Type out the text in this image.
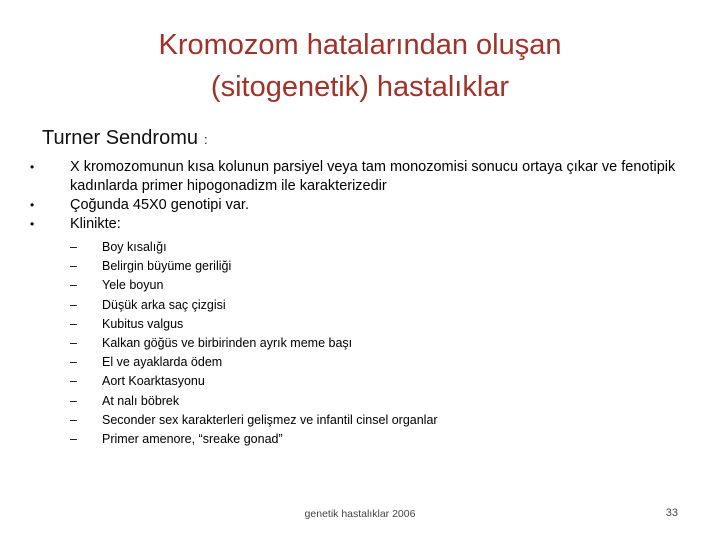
Kromozom hatalarından oluşan
(sitogenetik) hastalıklar
Turner Sendromu :
•	X kromozomunun kısa kolunun parsiyel veya tam monozomisi sonucu ortaya çıkar ve fenotipik kadınlarda primer hipogonadizm ile karakterizedir
•	Çoğunda 45X0 genotipi var.
•	Klinikte:
– Boy kısalığı
– Belirgin büyüme geriliği
– Yele boyun
– Düşük arka saç çizgisi
– Kubitus valgus
– Kalkan göğüs ve birbirinden ayrık meme başı
– El ve ayaklarda ödem
– Aort Koarktasyonu
– At nalı böbrek
– Seconder sex karakterleri gelişmez ve infantil cinsel organlar
– Primer amenore, “sreake gonad”
genetik hastalıklar 2006	33
